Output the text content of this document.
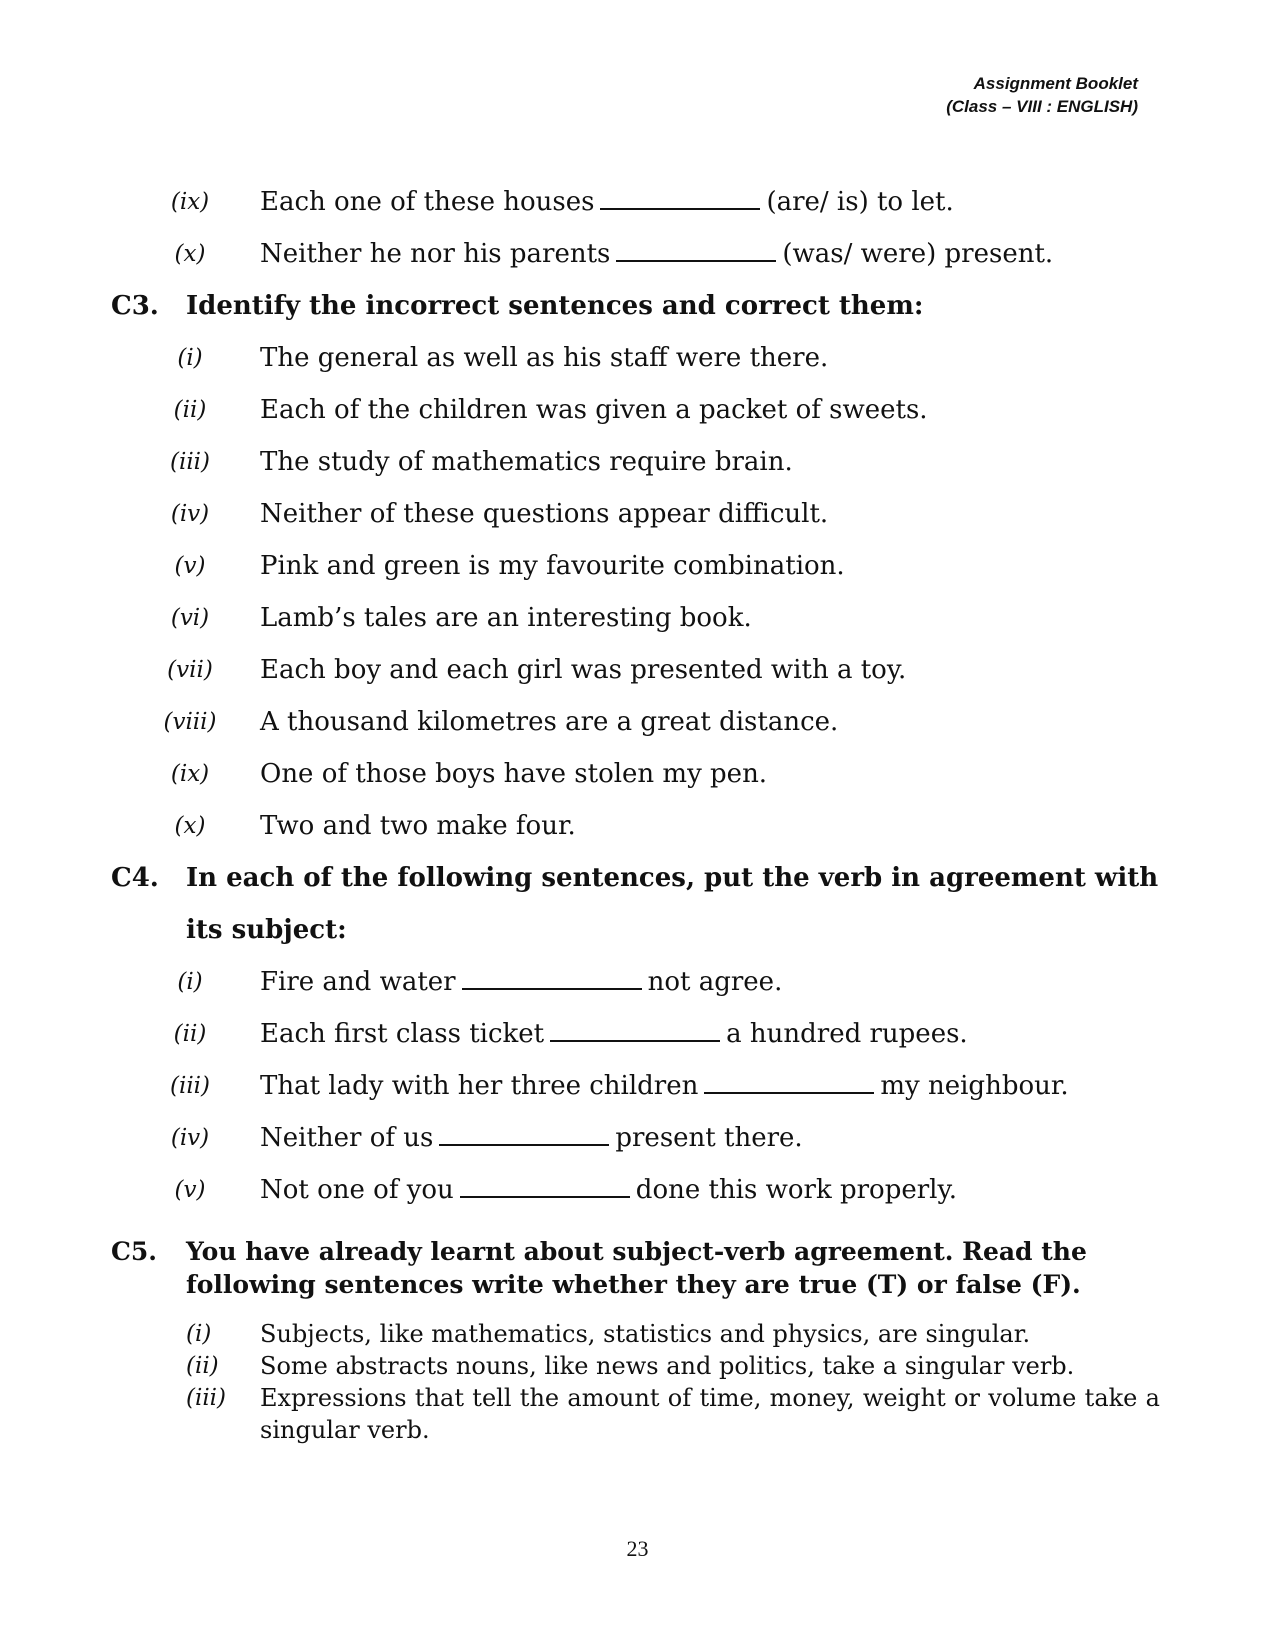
Assignment Booklet
(Class – VIII : ENGLISH)
(ix)	Each one of these houses	(are/ is) to let.
(x)	Neither he nor his parents	(was/ were) present.
C3. Identify the incorrect sentences and correct them:
(i)	The general as well as his staff were there.
(ii)	Each of the children was given a packet of sweets.
(iii)	The study of mathematics require brain.
(iv)	Neither of these questions appear difficult.
(v)	Pink and green is my favourite combination.
(vi)	Lamb’s tales are an interesting book.
(vii) Each boy and each girl was presented with a toy.
(viii) A thousand kilometres are a great distance.
(ix)	One of those boys have stolen my pen.
(x)	Two and two make four.
C4. In each of the following sentences, put the verb in agreement with
its subject:
(i)	Fire and water	not agree.
(ii)	Each first class ticket	a hundred rupees.
(iii)	That lady with her three children	my neighbour.
(iv)	Neither of us	present there.
(v)	Not one of you	done this work properly.
C5. You have already learnt about subject-verb agreement. Read the following sentences write whether they are true (T) or false (F).
(i) Subjects, like mathematics, statistics and physics, are singular.
(ii) Some abstracts nouns, like news and politics, take a singular verb.
(iii) Expressions that tell the amount of time, money, weight or volume take a singular verb.
23
